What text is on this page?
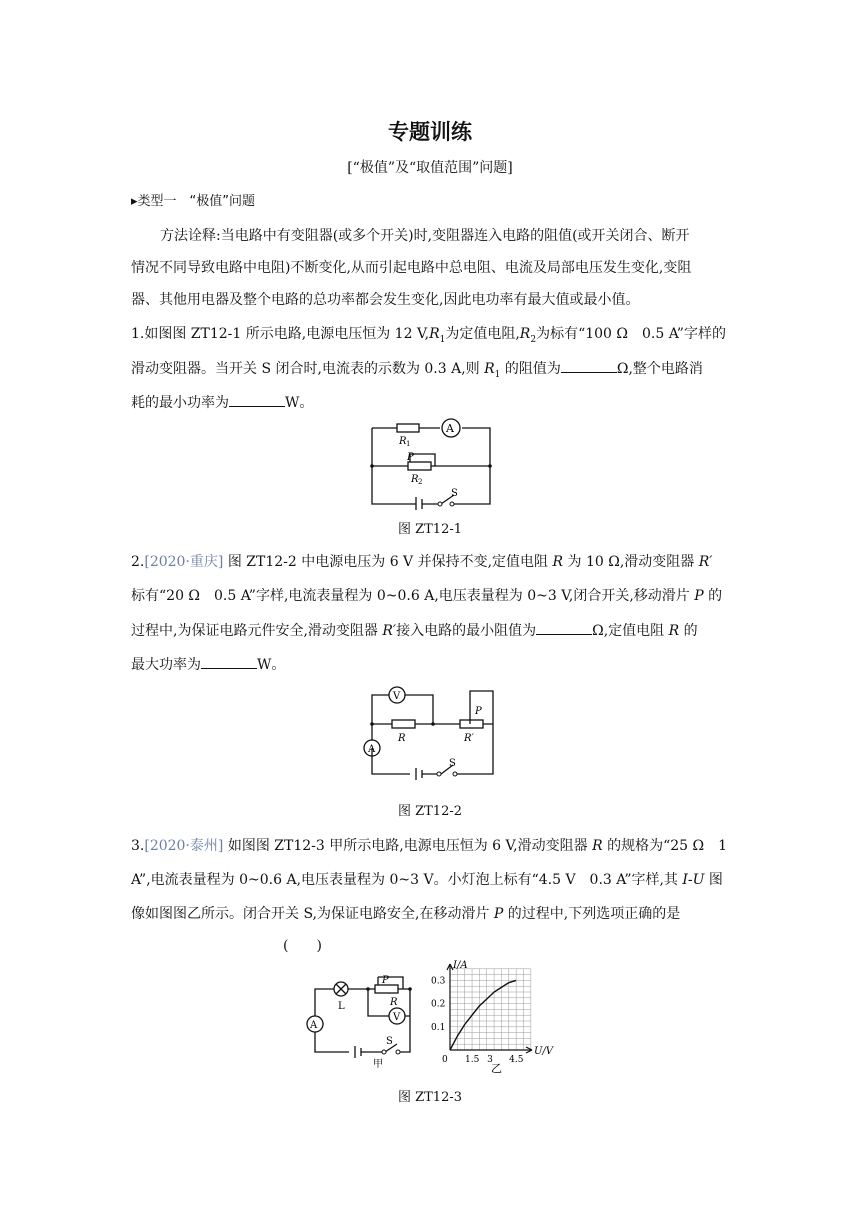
专题训练
[“极值”及“取值范围”问题]
▸类型一　“极值”问题
方法诠释:当电路中有变阻器(或多个开关)时,变阻器连入电路的阻值(或开关闭合、断开
情况不同导致电路中电阻)不断变化,从而引起电路中总电阻、电流及局部电压发生变化,变阻
器、其他用电器及整个电路的总功率都会发生变化,因此电功率有最大值或最小值。
1.如图图 ZT12-1 所示电路,电源电压恒为 12 $V,R_1$为定值电阻$,R_2$为标有“100 Ω　0.5 A”字样的
滑动变阻器。当开关 S 闭合时,电流表的示数为 0.3 A,则 $R_1$ 的阻值为	Ω,整个电路消
耗的最小功率为	W。
A
R 1
P
R 2
S
图 ZT12-1
2.[2020·重庆] 图 ZT12-2 中电源电压为 6 V 并保持不变,定值电阻 R 为 10 Ω,滑动变阻器 R′
标有“20 Ω　0.5 A”字样,电流表量程为 0~0.6 A,电压表量程为 0~3 V,闭合开关,移动滑片 P 的
过程中,为保证电路元件安全,滑动变阻器 R′接入电路的最小阻值为	Ω,定值电阻 R 的
最大功率为	W。
V
A
R	R′
P
S
图 ZT12-2
3.[2020·泰州] 如图图 ZT12-3 甲所示电路,电源电压恒为 6 V,滑动变阻器 R 的规格为“25 Ω　1
A”,电流表量程为 0~0.6 A,电压表量程为 0~3 V。小灯泡上标有“4.5 V　0.3 A”字样,其 I-U 图
像如图图乙所示。闭合开关 S,为保证电路安全,在移动滑片 P 的过程中,下列选项正确的是
(　　)
L
P
R
V
A
S
甲	0 1.5 3 4.5
0.1
0.2
0.3
I/A
U/V
乙
图 ZT12-3
